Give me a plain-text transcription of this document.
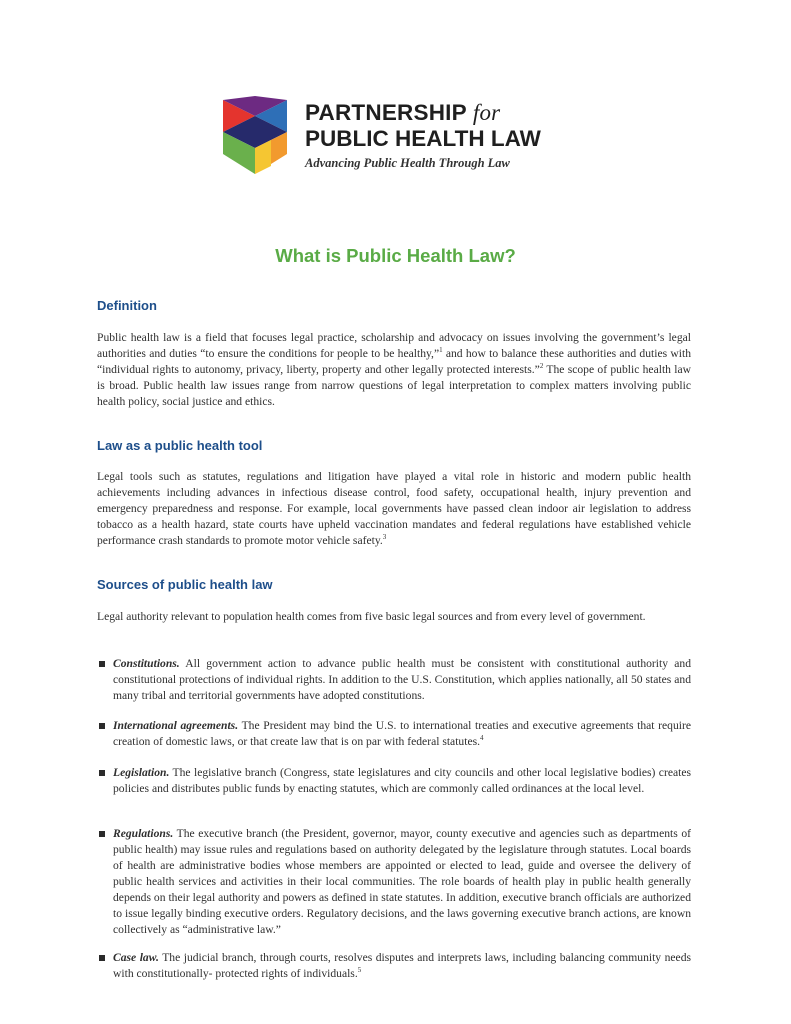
PARTNERSHIP for
PUBLIC HEALTH LAW
Advancing Public Health Through Law
What is Public Health Law?
Definition
Public health law is a field that focuses legal practice, scholarship and advocacy on issues involving the government’s legal authorities and duties “to ensure the conditions for people to be healthy,”$^1$ and how to balance these authorities and duties with “individual rights to autonomy, privacy, liberty, property and other legally protected interests.”$^2$ The scope of public health law is broad. Public health law issues range from narrow questions of legal interpretation to complex matters involving public health policy, social justice and ethics.
Law as a public health tool
Legal tools such as statutes, regulations and litigation have played a vital role in historic and modern public health achievements including advances in infectious disease control, food safety, occupational health, injury prevention and emergency preparedness and response. For example, local governments have passed clean indoor air legislation to address tobacco as a health hazard, state courts have upheld vaccination mandates and federal regulations have established vehicle performance crash standards to promote motor vehicle safety.$^3$
Sources of public health law
Legal authority relevant to population health comes from five basic legal sources and from every level of government.
Constitutions. All government action to advance public health must be consistent with constitutional authority and constitutional protections of individual rights. In addition to the U.S. Constitution, which applies nationally, all 50 states and many tribal and territorial governments have adopted constitutions.
International agreements. The President may bind the U.S. to international treaties and executive agreements that require creation of domestic laws, or that create law that is on par with federal statutes.$^4$
Legislation. The legislative branch (Congress, state legislatures and city councils and other local legislative bodies) creates policies and distributes public funds by enacting statutes, which are commonly called ordinances at the local level.
Regulations. The executive branch (the President, governor, mayor, county executive and agencies such as departments of public health) may issue rules and regulations based on authority delegated by the legislature through statutes. Local boards of health are administrative bodies whose members are appointed or elected to lead, guide and oversee the delivery of public health services and activities in their local communities. The role boards of health play in public health generally depends on their legal authority and powers as defined in state statutes. In addition, executive branch officials are authorized to issue legally binding executive orders. Regulatory decisions, and the laws governing executive branch actions, are known collectively as “administrative law.”
Case law. The judicial branch, through courts, resolves disputes and interprets laws, including balancing community needs with constitutionally- protected rights of individuals.$^5$
